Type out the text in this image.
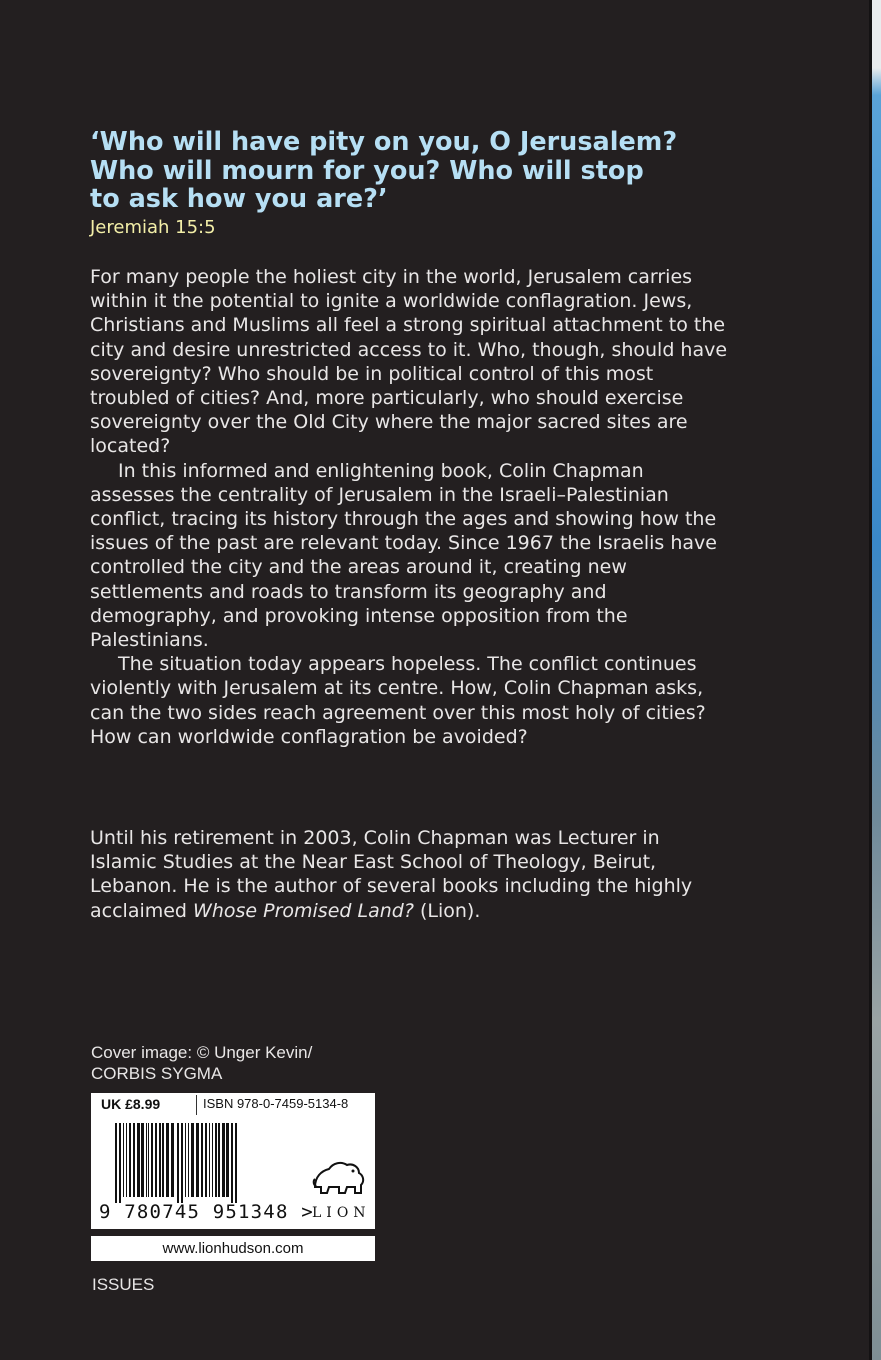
‘Who will have pity on you, O Jerusalem?
Who will mourn for you? Who will stop
to ask how you are?’
Jeremiah 15:5

For many people the holiest city in the world, Jerusalem carries within it the potential to ignite a worldwide conflagration. Jews, Christians and Muslims all feel a strong spiritual attachment to the city and desire unrestricted access to it. Who, though, should have sovereignty? Who should be in political control of this most troubled of cities? And, more particularly, who should exercise sovereignty over the Old City where the major sacred sites are located?

In this informed and enlightening book, Colin Chapman assesses the centrality of Jerusalem in the Israeli–Palestinian conflict, tracing its history through the ages and showing how the issues of the past are relevant today. Since 1967 the Israelis have controlled the city and the areas around it, creating new settlements and roads to transform its geography and demography, and provoking intense opposition from the Palestinians.

The situation today appears hopeless. The conflict continues violently with Jerusalem at its centre. How, Colin Chapman asks, can the two sides reach agreement over this most holy of cities? How can worldwide conflagration be avoided?

Until his retirement in 2003, Colin Chapman was Lecturer in Islamic Studies at the Near East School of Theology, Beirut, Lebanon. He is the author of several books including the highly acclaimed Whose Promised Land? (Lion).

Cover image: © Unger Kevin/
CORBIS SYGMA
UK £8.99	ISBN 978-0-7459-5134-8
9 780745 951348 >
LION
www.lionhudson.com
ISSUES
